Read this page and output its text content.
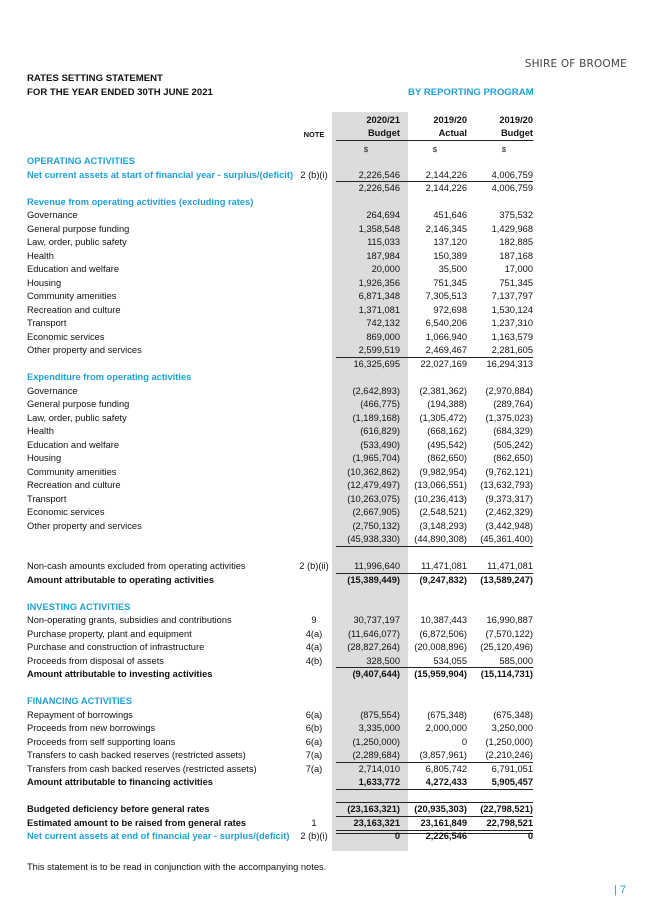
SHIRE OF BROOME
RATES SETTING STATEMENT
FOR THE YEAR ENDED 30TH JUNE 2021	BY REPORTING PROGRAM
2020/21	2019/20	2019/20
NOTE	Budget	Actual	Budget
$	$	$
OPERATING ACTIVITIES
Net current assets at start of financial year - surplus/(deficit) 2 (b)(i)	2,226,546	2,144,226	4,006,759
2,226,546	2,144,226	4,006,759
Revenue from operating activities (excluding rates)
Governance	264,694	451,646	375,532
General purpose funding	1,358,548	2,146,345	1,429,968
Law, order, public safety	115,033	137,120	182,885
Health	187,984	150,389	187,168
Education and welfare	20,000	35,500	17,000
Housing	1,926,356	751,345	751,345
Community amenities	6,871,348	7,305,513	7,137,797
Recreation and culture	1,371,081	972,698	1,530,124
Transport	742,132	6,540,206	1,237,310
Economic services	869,000	1,066,940	1,163,579
Other property and services	2,599,519	2,469,467	2,281,605
16,325,695	22,027,169	16,294,313
Expenditure from operating activities
Governance	(2,642,893)	(2,381,362)	(2,970,884)
General purpose funding	(466,775)	(194,388)	(289,764)
Law, order, public safety	(1,189,168)	(1,305,472)	(1,375,023)
Health	(616,829)	(668,162)	(684,329)
Education and welfare	(533,490)	(495,542)	(505,242)
Housing	(1,965,704)	(862,650)	(862,650)
Community amenities	(10,362,862)	(9,982,954)	(9,762,121)
Recreation and culture	(12,479,497)	(13,066,551)	(13,632,793)
Transport	(10,263,075)	(10,236,413)	(9,373,317)
Economic services	(2,667,905)	(2,548,521)	(2,462,329)
Other property and services	(2,750,132)	(3,148,293)	(3,442,948)
(45,938,330)	(44,890,308)	(45,361,400)
Non-cash amounts excluded from operating activities	2 (b)(ii)	11,996,640	11,471,081	11,471,081
Amount attributable to operating activities	(15,389,449)	(9,247,832)	(13,589,247)
INVESTING ACTIVITIES
Non-operating grants, subsidies and contributions	9	30,737,197	10,387,443	16,990,887
Purchase property, plant and equipment	4(a)	(11,646,077)	(6,872,506)	(7,570,122)
Purchase and construction of infrastructure	4(a)	(28,827,264)	(20,008,896)	(25,120,496)
Proceeds from disposal of assets	4(b)	328,500	534,055	585,000
Amount attributable to investing activities	(9,407,644)	(15,959,904)	(15,114,731)
FINANCING ACTIVITIES
Repayment of borrowings	6(a)	(875,554)	(675,348)	(675,348)
Proceeds from new borrowings	6(b)	3,335,000	2,000,000	3,250,000
Proceeds from self supporting loans	6(a)	(1,250,000)	0	(1,250,000)
Transfers to cash backed reserves (restricted assets)	7(a)	(2,289,684)	(3,857,961)	(2,210,246)
Transfers from cash backed reserves (restricted assets)	7(a)	2,714,010	6,805,742	6,791,051
Amount attributable to financing activities	1,633,772	4,272,433	5,905,457
Budgeted deficiency before general rates	(23,163,321)	(20,935,303)	(22,798,521)
Estimated amount to be raised from general rates	1	23,163,321	23,161,849	22,798,521
Net current assets at end of financial year - surplus/(deficit)	2 (b)(i)	0	2,226,546	0
This statement is to be read in conjunction with the accompanying notes.
| 7
